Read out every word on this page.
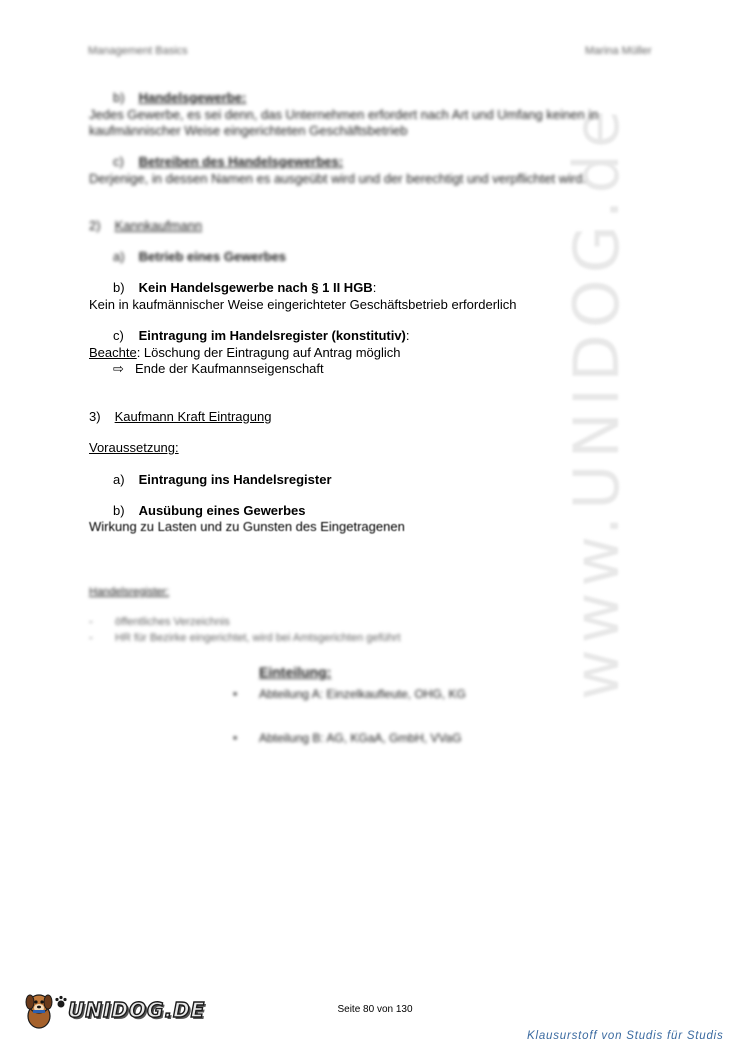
Management Basics	Marina Müller
b) Handelsgewerbe:
Jedes Gewerbe, es sei denn, das Unternehmen erfordert nach Art und Umfang keinen in
kaufmännischer Weise eingerichteten Geschäftsbetrieb
c) Betreiben des Handelsgewerbes:
Derjenige, in dessen Namen es ausgeübt wird und der berechtigt und verpflichtet wird.
2) Kannkaufmann
a) Betrieb eines Gewerbes
b) Kein Handelsgewerbe nach § 1 II HGB:
Kein in kaufmännischer Weise eingerichteter Geschäftsbetrieb erforderlich
c) Eintragung im Handelsregister (konstitutiv):
Beachte: Löschung der Eintragung auf Antrag möglich
⇨ Ende der Kaufmannseigenschaft
3) Kaufmann Kraft Eintragung
Voraussetzung:
a) Eintragung ins Handelsregister
b) Ausübung eines Gewerbes
Wirkung zu Lasten und zu Gunsten des Eingetragenen
Handelsregister:
- öffentliches Verzeichnis
- HR für Bezirke eingerichtet, wird bei Amtsgerichten geführt
Einteilung:
• Abteilung A: Einzelkaufleute, OHG, KG
• Abteilung B: AG, KGaA, GmbH, VVaG
www.UNIDOG.de
Seite 80 von 130
UNIDOG.DE
Klausurstoff von Studis für Studis
